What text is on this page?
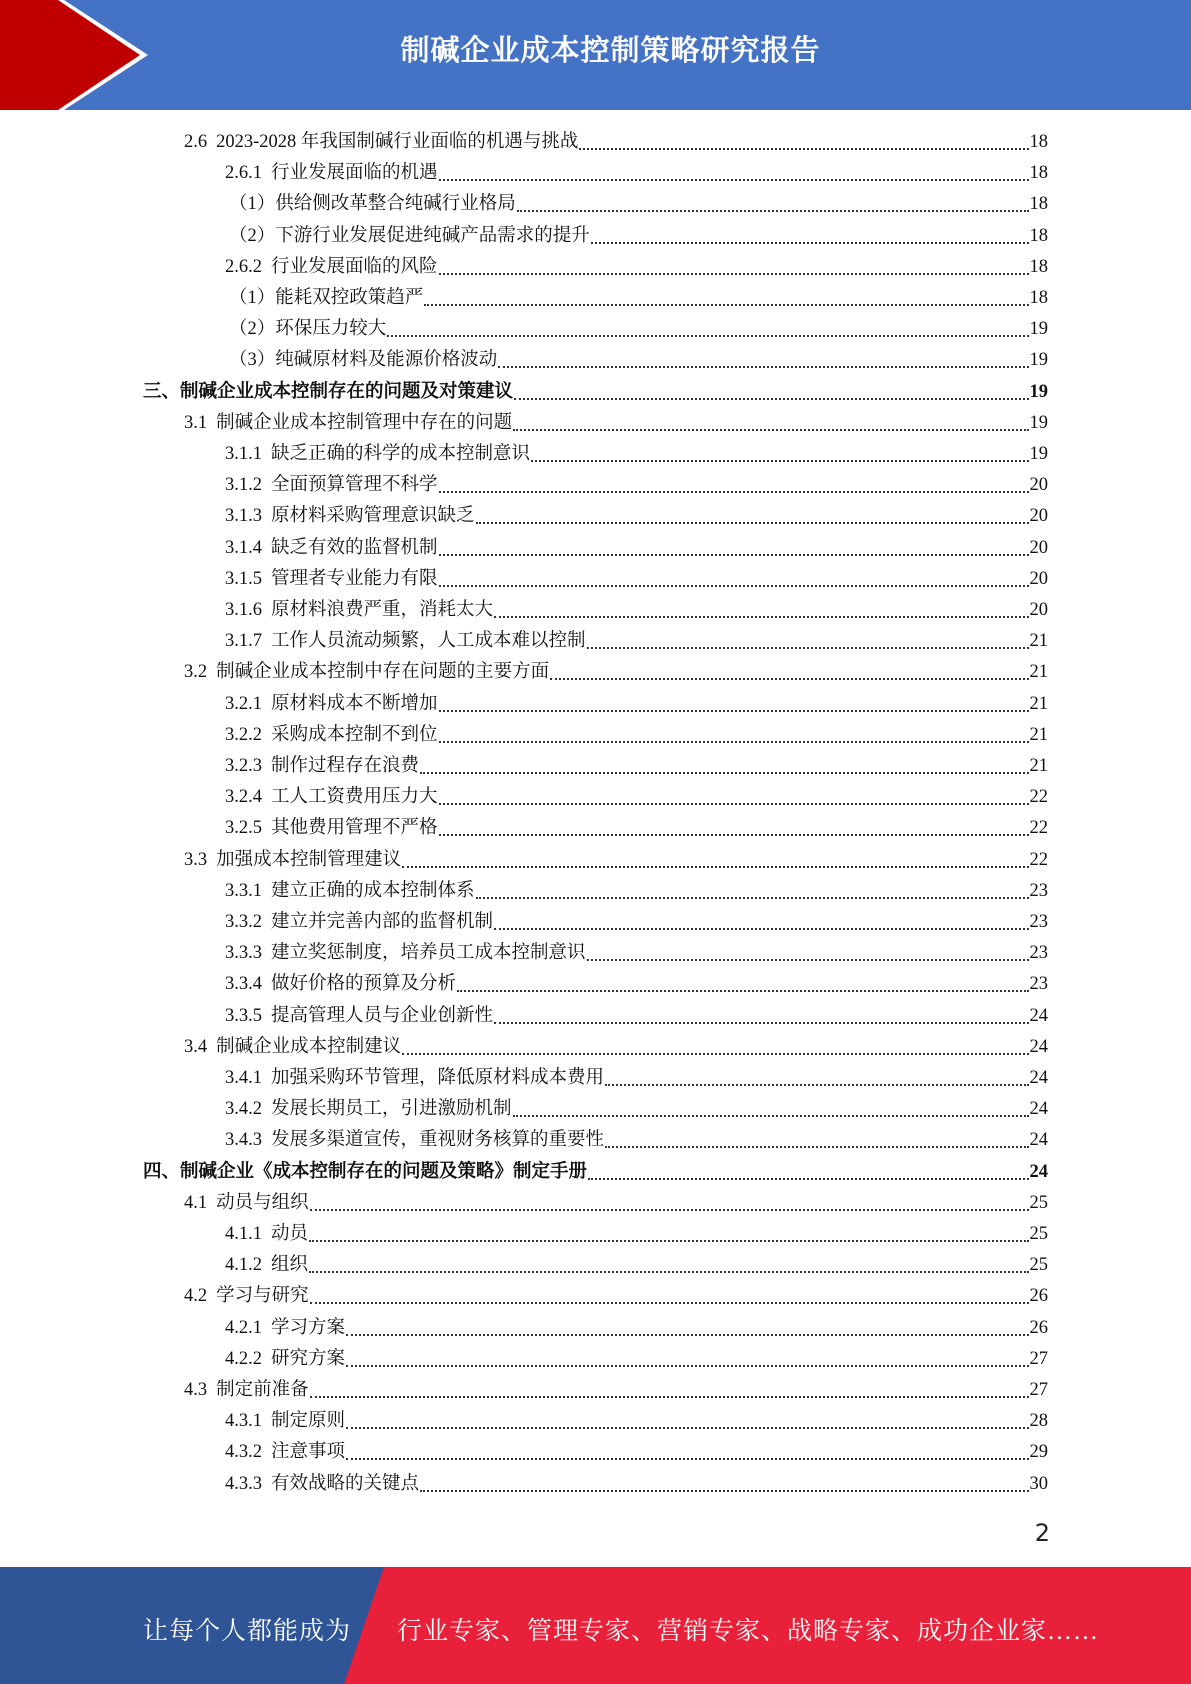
制碱企业成本控制策略研究报告
2.6 2023-2028 年我国制碱行业面临的机遇与挑战	18
2.6.1 行业发展面临的机遇	18
（1） 供给侧改革整合纯碱行业格局	18
（2） 下游行业发展促进纯碱产品需求的提升	18
2.6.2 行业发展面临的风险	18
（1） 能耗双控政策趋严	18
（2） 环保压力较大	19
（3） 纯碱原材料及能源价格波动	19
三、 制碱企业成本控制存在的问题及对策建议	19
3.1 制碱企业成本控制管理中存在的问题	19
3.1.1 缺乏正确的科学的成本控制意识	19
3.1.2 全面预算管理不科学	20
3.1.3 原材料采购管理意识缺乏	20
3.1.4 缺乏有效的监督机制	20
3.1.5 管理者专业能力有限	20
3.1.6 原材料浪费严重，消耗太大	20
3.1.7 工作人员流动频繁，人工成本难以控制	21
3.2 制碱企业成本控制中存在问题的主要方面	21
3.2.1 原材料成本不断增加	21
3.2.2 采购成本控制不到位	21
3.2.3 制作过程存在浪费	21
3.2.4 工人工资费用压力大	22
3.2.5 其他费用管理不严格	22
3.3 加强成本控制管理建议	22
3.3.1 建立正确的成本控制体系	23
3.3.2 建立并完善内部的监督机制	23
3.3.3 建立奖惩制度，培养员工成本控制意识	23
3.3.4 做好价格的预算及分析	23
3.3.5 提高管理人员与企业创新性	24
3.4 制碱企业成本控制建议	24
3.4.1 加强采购环节管理，降低原材料成本费用	24
3.4.2 发展长期员工，引进激励机制	24
3.4.3 发展多渠道宣传，重视财务核算的重要性	24
四、 制碱企业《成本控制存在的问题及策略》制定手册	24
4.1 动员与组织	25
4.1.1 动员	25
4.1.2 组织	25
4.2 学习与研究	26
4.2.1 学习方案	26
4.2.2 研究方案	27
4.3 制定前准备	27
4.3.1 制定原则	28
4.3.2 注意事项	29
4.3.3 有效战略的关键点	30
2
让每个人都能成为 行业专家、管理专家、营销专家、战略专家、成功企业家……
